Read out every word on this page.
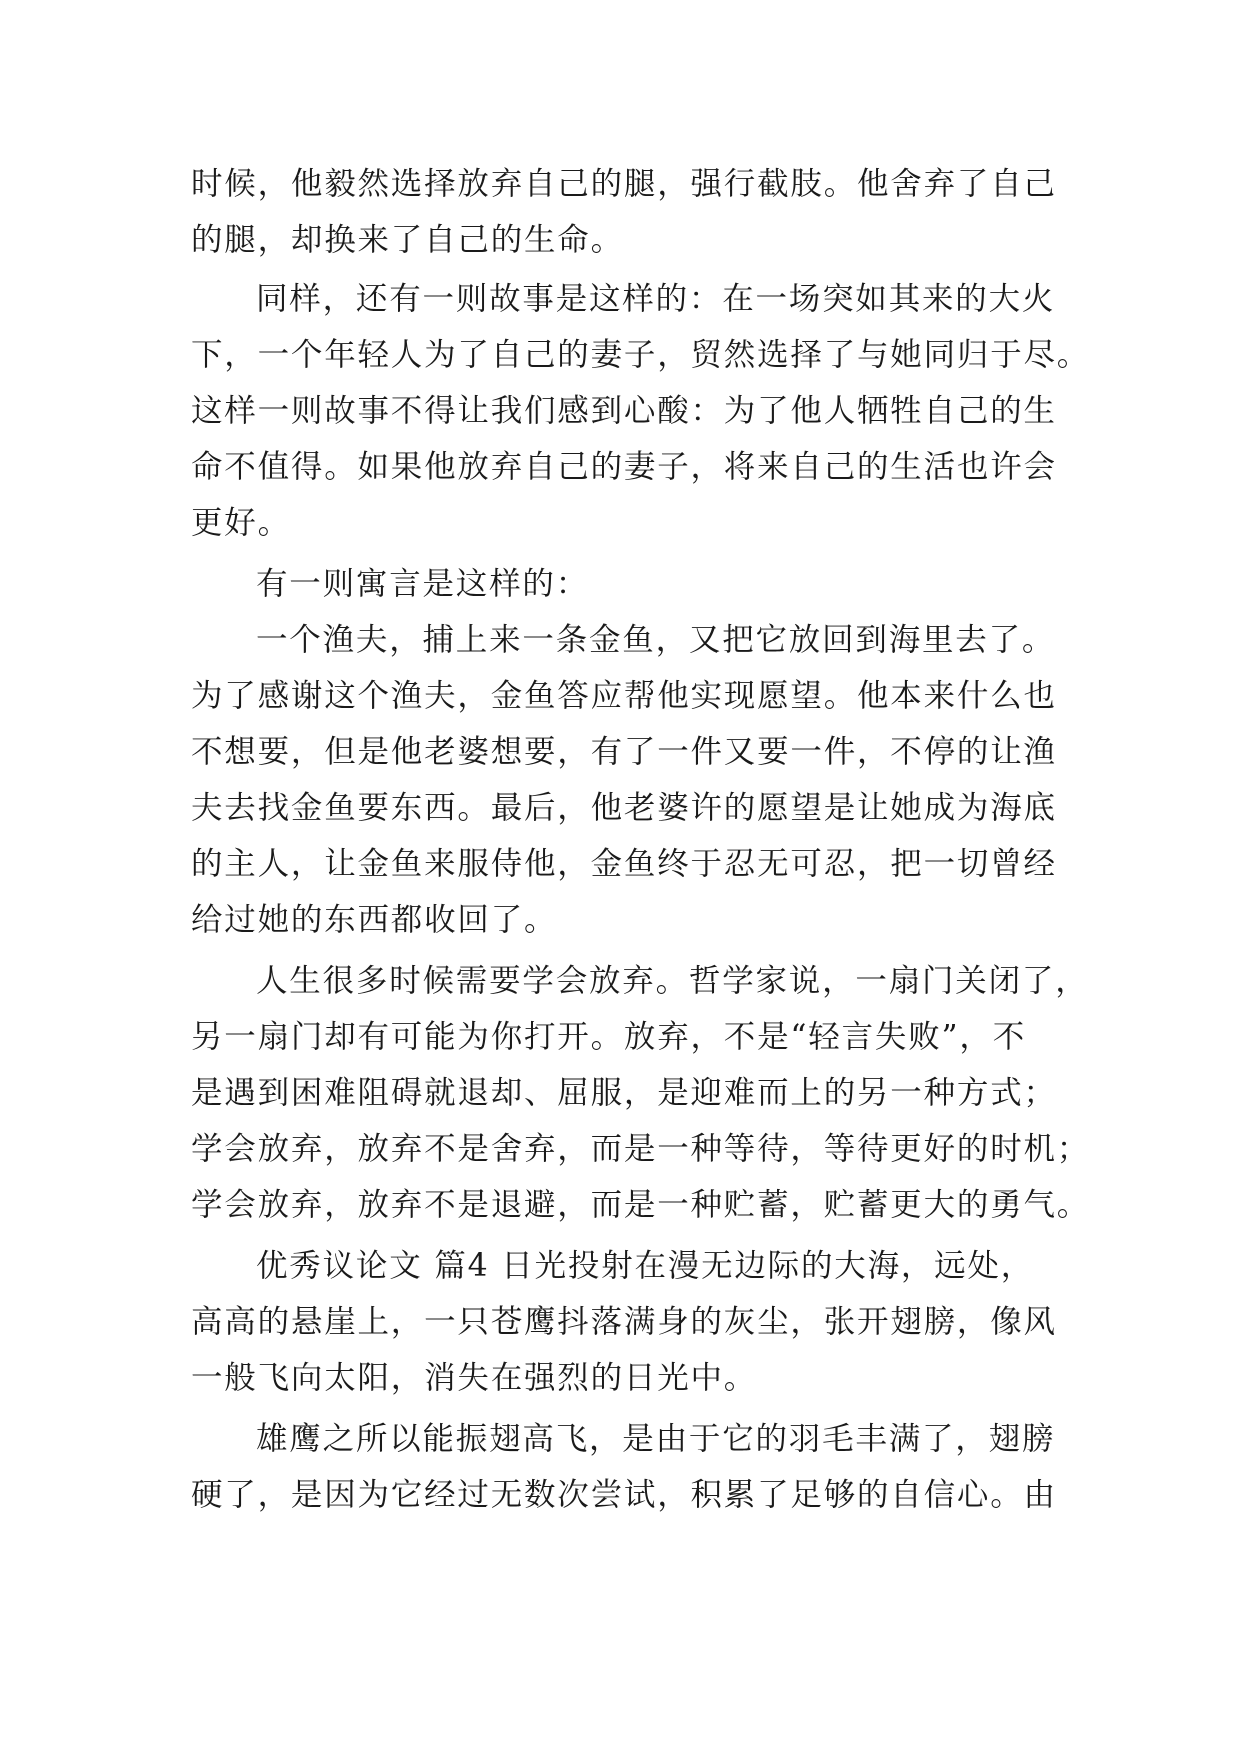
时候，他毅然选择放弃自己的腿，强行截肢。他舍弃了自己

的腿，却换来了自己的生命。

同样，还有一则故事是这样的：在一场突如其来的大火

下，一个年轻人为了自己的妻子，贸然选择了与她同归于尽。

这样一则故事不得让我们感到心酸：为了他人牺牲自己的生

命不值得。如果他放弃自己的妻子，将来自己的生活也许会

更好。

有一则寓言是这样的：

一个渔夫，捕上来一条金鱼，又把它放回到海里去了。

为了感谢这个渔夫，金鱼答应帮他实现愿望。他本来什么也

不想要，但是他老婆想要，有了一件又要一件，不停的让渔

夫去找金鱼要东西。最后，他老婆许的愿望是让她成为海底

的主人，让金鱼来服侍他，金鱼终于忍无可忍，把一切曾经

给过她的东西都收回了。

人生很多时候需要学会放弃。哲学家说，一扇门关闭了，

另一扇门却有可能为你打开。放弃，不是“轻言失败”，不

是遇到困难阻碍就退却、屈服，是迎难而上的另一种方式；

学会放弃，放弃不是舍弃，而是一种等待，等待更好的时机；

学会放弃，放弃不是退避，而是一种贮蓄，贮蓄更大的勇气。

优秀议论文 篇4 日光投射在漫无边际的大海，远处，

高高的悬崖上，一只苍鹰抖落满身的灰尘，张开翅膀，像风

一般飞向太阳，消失在强烈的日光中。

雄鹰之所以能振翅高飞，是由于它的羽毛丰满了，翅膀

硬了，是因为它经过无数次尝试，积累了足够的自信心。由
